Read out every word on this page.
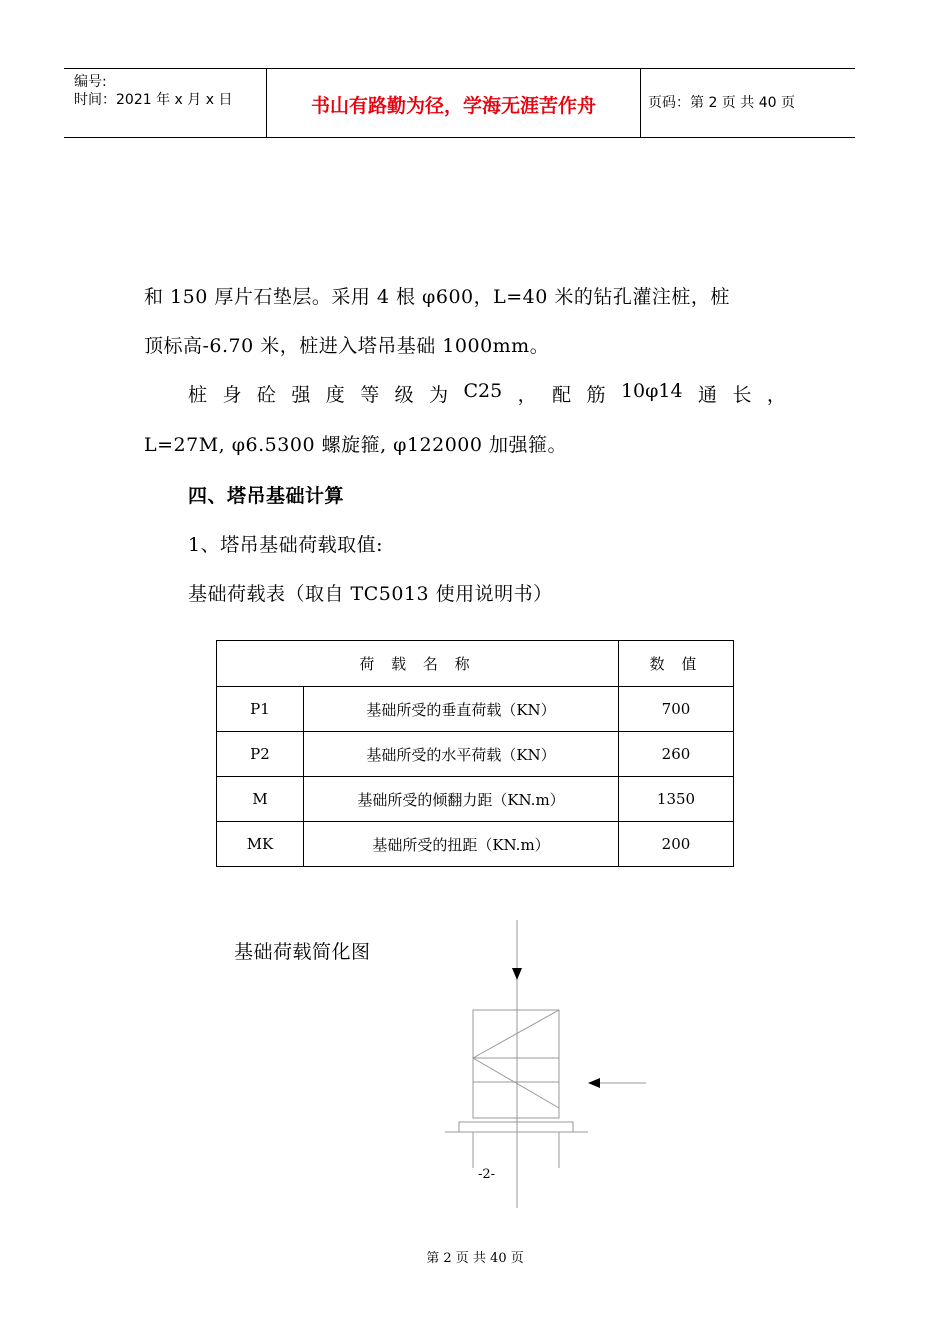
编号:
时间：2021 年 x 月 x 日	书山有路勤为径，学海无涯苦作舟	页码：第 2 页 共 40 页
和 150 厚片石垫层。采用 4 根 φ600，L=40 米的钻孔灌注桩，桩
顶标高-6.70 米，桩进入塔吊基础 1000mm。
桩 身 砼 强 度 等 级 为 C25 ， 配 筋 10φ14 通 长 ，
L=27M, φ6.5300 螺旋箍, φ122000 加强箍。
四、塔吊基础计算
1、塔吊基础荷载取值:
基础荷载表（取自 TC5013 使用说明书）
荷 载 名 称		数 值
P1	基础所受的垂直荷载（KN）	700
P2	基础所受的水平荷载（KN）	260
M	基础所受的倾翻力距（KN.m）	1350
MK	基础所受的扭距（KN.m）	200
基础荷载简化图
-2-
第 2 页 共 40 页
